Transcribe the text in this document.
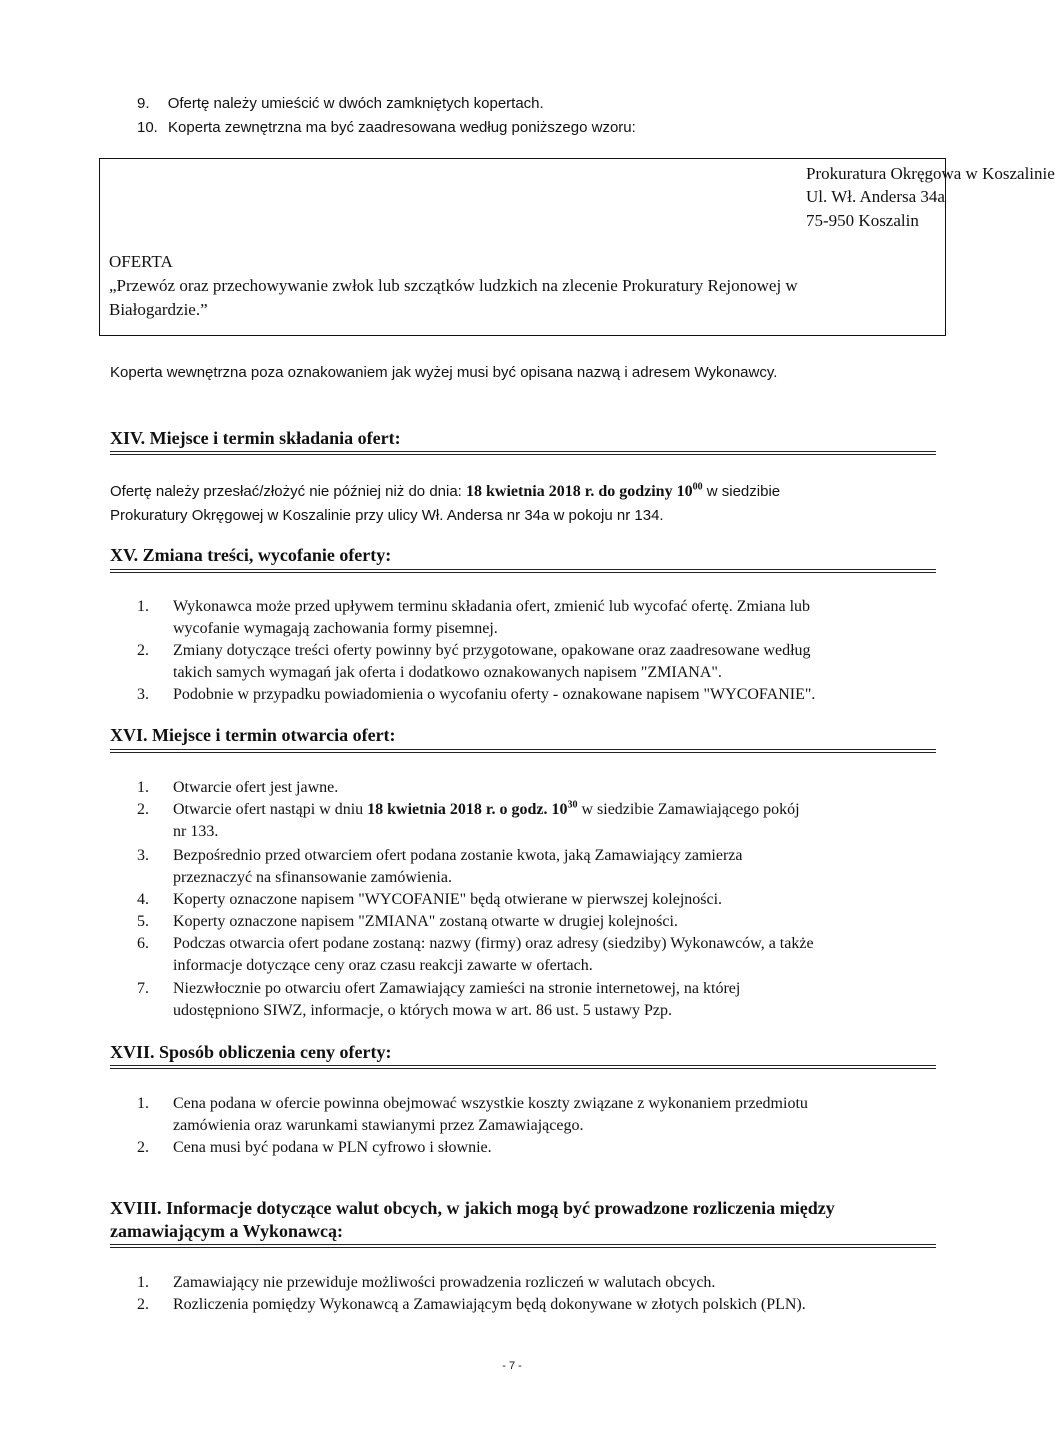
9. Ofertę należy umieścić w dwóch zamkniętych kopertach.
10. Koperta zewnętrzna ma być zaadresowana według poniższego wzoru:
Prokuratura Okręgowa w Koszalinie
Ul. Wł. Andersa 34a
75-950 Koszalin
OFERTA
„Przewóz oraz przechowywanie zwłok lub szczątków ludzkich na zlecenie Prokuratury Rejonowej w
Białogardzie.”
Koperta wewnętrzna poza oznakowaniem jak wyżej musi być opisana nazwą i adresem Wykonawcy.
XIV. Miejsce i termin składania ofert:
Ofertę należy przesłać/złożyć nie później niż do dnia: 18 kwietnia 2018 r. do godziny $10^{00}$ w siedzibie
Prokuratury Okręgowej w Koszalinie przy ulicy Wł. Andersa nr 34a w pokoju nr 134.
XV. Zmiana treści, wycofanie oferty:
1. Wykonawca może przed upływem terminu składania ofert, zmienić lub wycofać ofertę. Zmiana lub
wycofanie wymagają zachowania formy pisemnej.
2. Zmiany dotyczące treści oferty powinny być przygotowane, opakowane oraz zaadresowane według
takich samych wymagań jak oferta i dodatkowo oznakowanych napisem "ZMIANA".
3. Podobnie w przypadku powiadomienia o wycofaniu oferty - oznakowane napisem "WYCOFANIE".
XVI. Miejsce i termin otwarcia ofert:
1. Otwarcie ofert jest jawne.
2. Otwarcie ofert nastąpi w dniu 18 kwietnia 2018 r. o godz. $10^{30}$ w siedzibie Zamawiającego pokój
nr 133.
3. Bezpośrednio przed otwarciem ofert podana zostanie kwota, jaką Zamawiający zamierza
przeznaczyć na sfinansowanie zamówienia.
4. Koperty oznaczone napisem "WYCOFANIE" będą otwierane w pierwszej kolejności.
5. Koperty oznaczone napisem "ZMIANA" zostaną otwarte w drugiej kolejności.
6. Podczas otwarcia ofert podane zostaną: nazwy (firmy) oraz adresy (siedziby) Wykonawców, a także
informacje dotyczące ceny oraz czasu reakcji zawarte w ofertach.
7. Niezwłocznie po otwarciu ofert Zamawiający zamieści na stronie internetowej, na której
udostępniono SIWZ, informacje, o których mowa w art. 86 ust. 5 ustawy Pzp.
XVII. Sposób obliczenia ceny oferty:
1. Cena podana w ofercie powinna obejmować wszystkie koszty związane z wykonaniem przedmiotu
zamówienia oraz warunkami stawianymi przez Zamawiającego.
2. Cena musi być podana w PLN cyfrowo i słownie.
XVIII. Informacje dotyczące walut obcych, w jakich mogą być prowadzone rozliczenia między
zamawiającym a Wykonawcą:
1. Zamawiający nie przewiduje możliwości prowadzenia rozliczeń w walutach obcych.
2. Rozliczenia pomiędzy Wykonawcą a Zamawiającym będą dokonywane w złotych polskich (PLN).
- 7 -
